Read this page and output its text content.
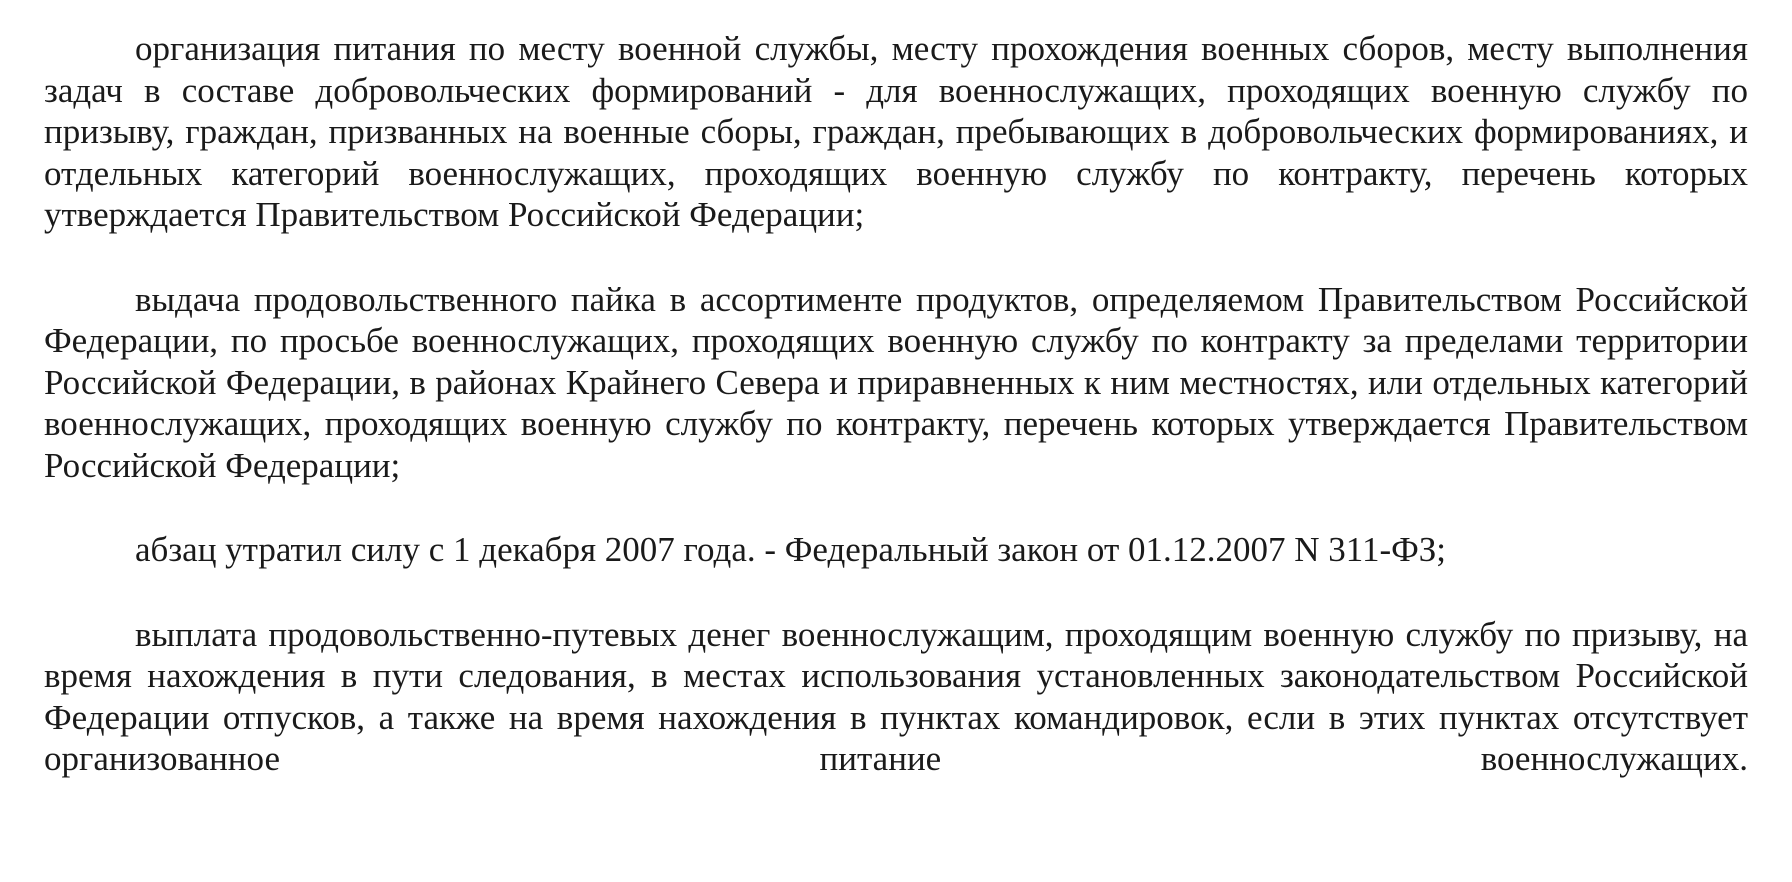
организация питания по месту военной службы, месту прохождения военных сборов, месту выполнения задач в составе добровольческих формирований - для военнослужащих, проходящих военную службу по призыву, граждан, призванных на военные сборы, граждан, пребывающих в добровольческих формированиях, и отдельных категорий военнослужащих, проходящих военную службу по контракту, перечень которых утверждается Правительством Российской Федерации;

выдача продовольственного пайка в ассортименте продуктов, определяемом Правительством Российской Федерации, по просьбе военнослужащих, проходящих военную службу по контракту за пределами территории Российской Федерации, в районах Крайнего Севера и приравненных к ним местностях, или отдельных категорий военнослужащих, проходящих военную службу по контракту, перечень которых утверждается Правительством Российской Федерации;

абзац утратил силу с 1 декабря 2007 года. - Федеральный закон от 01.12.2007 N 311-ФЗ;

выплата продовольственно-путевых денег военнослужащим, проходящим военную службу по призыву, на время нахождения в пути следования, в местах использования установленных законодательством Российской Федерации отпусков, а также на время нахождения в пунктах командировок, если в этих пунктах отсутствует организованное питание военнослужащих.
